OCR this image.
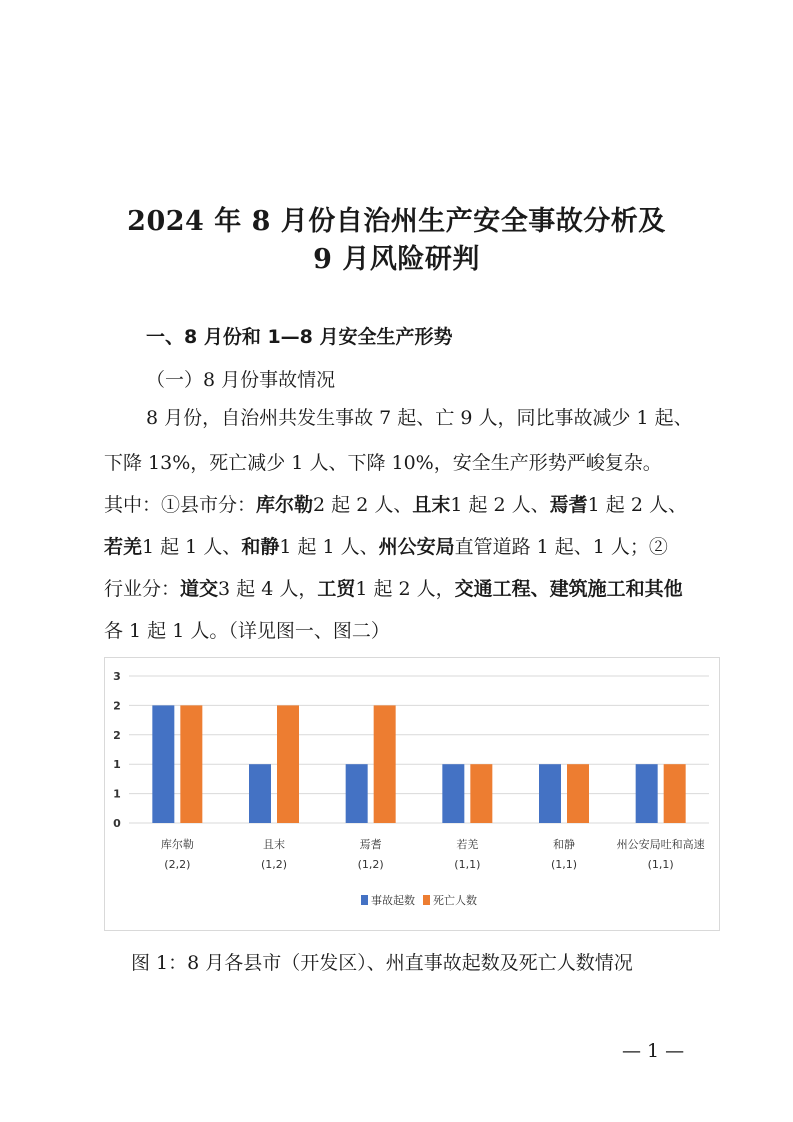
2024 年 8 月份自治州生产安全事故分析及
9 月风险研判
一、8 月份和 1—8 月安全生产形势
（一）8 月份事故情况
8 月份，自治州共发生事故 7 起、亡 9 人，同比事故减少 1 起、
下降 13%，死亡减少 1 人、下降 10%，安全生产形势严峻复杂。
其中：①县市分：库尔勒2 起 2 人、且末1 起 2 人、焉耆1 起 2 人、
若羌1 起 1 人、和静1 起 1 人、州公安局直管道路 1 起、1 人；②
行业分：道交3 起 4 人，工贸1 起 2 人，交通工程、建筑施工和其他
各 1 起 1 人。（详见图一、图二）
0
1
1
2
2
3
库尔勒
(2,2)
且末
(1,2)
焉耆
(1,2)
若羌
(1,1)
和静
(1,1)
州公安局吐和高速
(1,1)
事故起数 死亡人数
图 1：8 月各县市（开发区）、州直事故起数及死亡人数情况
— 1 —
